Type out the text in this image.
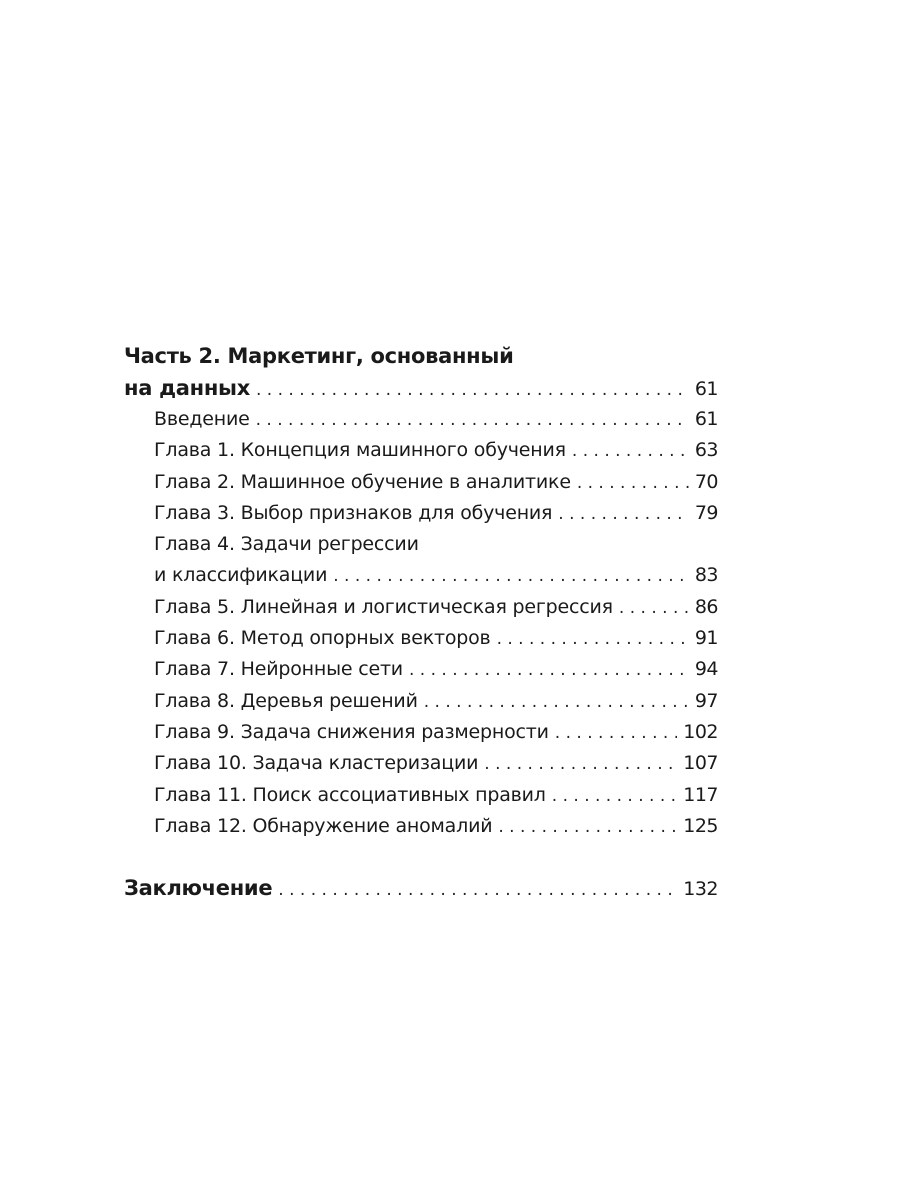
Часть 2. Маркетинг, основанный
на данных . . .	61
Введение . . .	61
Глава 1. Концепция машинного обучения . . .	63
Глава 2. Машинное обучение в аналитике . . .	70
Глава 3. Выбор признаков для обучения . . .	79
Глава 4. Задачи регрессии
и классификации . . .	83
Глава 5. Линейная и логистическая регрессия . . .	86
Глава 6. Метод опорных векторов . . .	91
Глава 7. Нейронные сети . . .	94
Глава 8. Деревья решений . . .	97
Глава 9. Задача снижения размерности . . .	102
Глава 10. Задача кластеризации . . .	107
Глава 11. Поиск ассоциативных правил . . .	117
Глава 12. Обнаружение аномалий . . .	125
Заключение . . .	132
